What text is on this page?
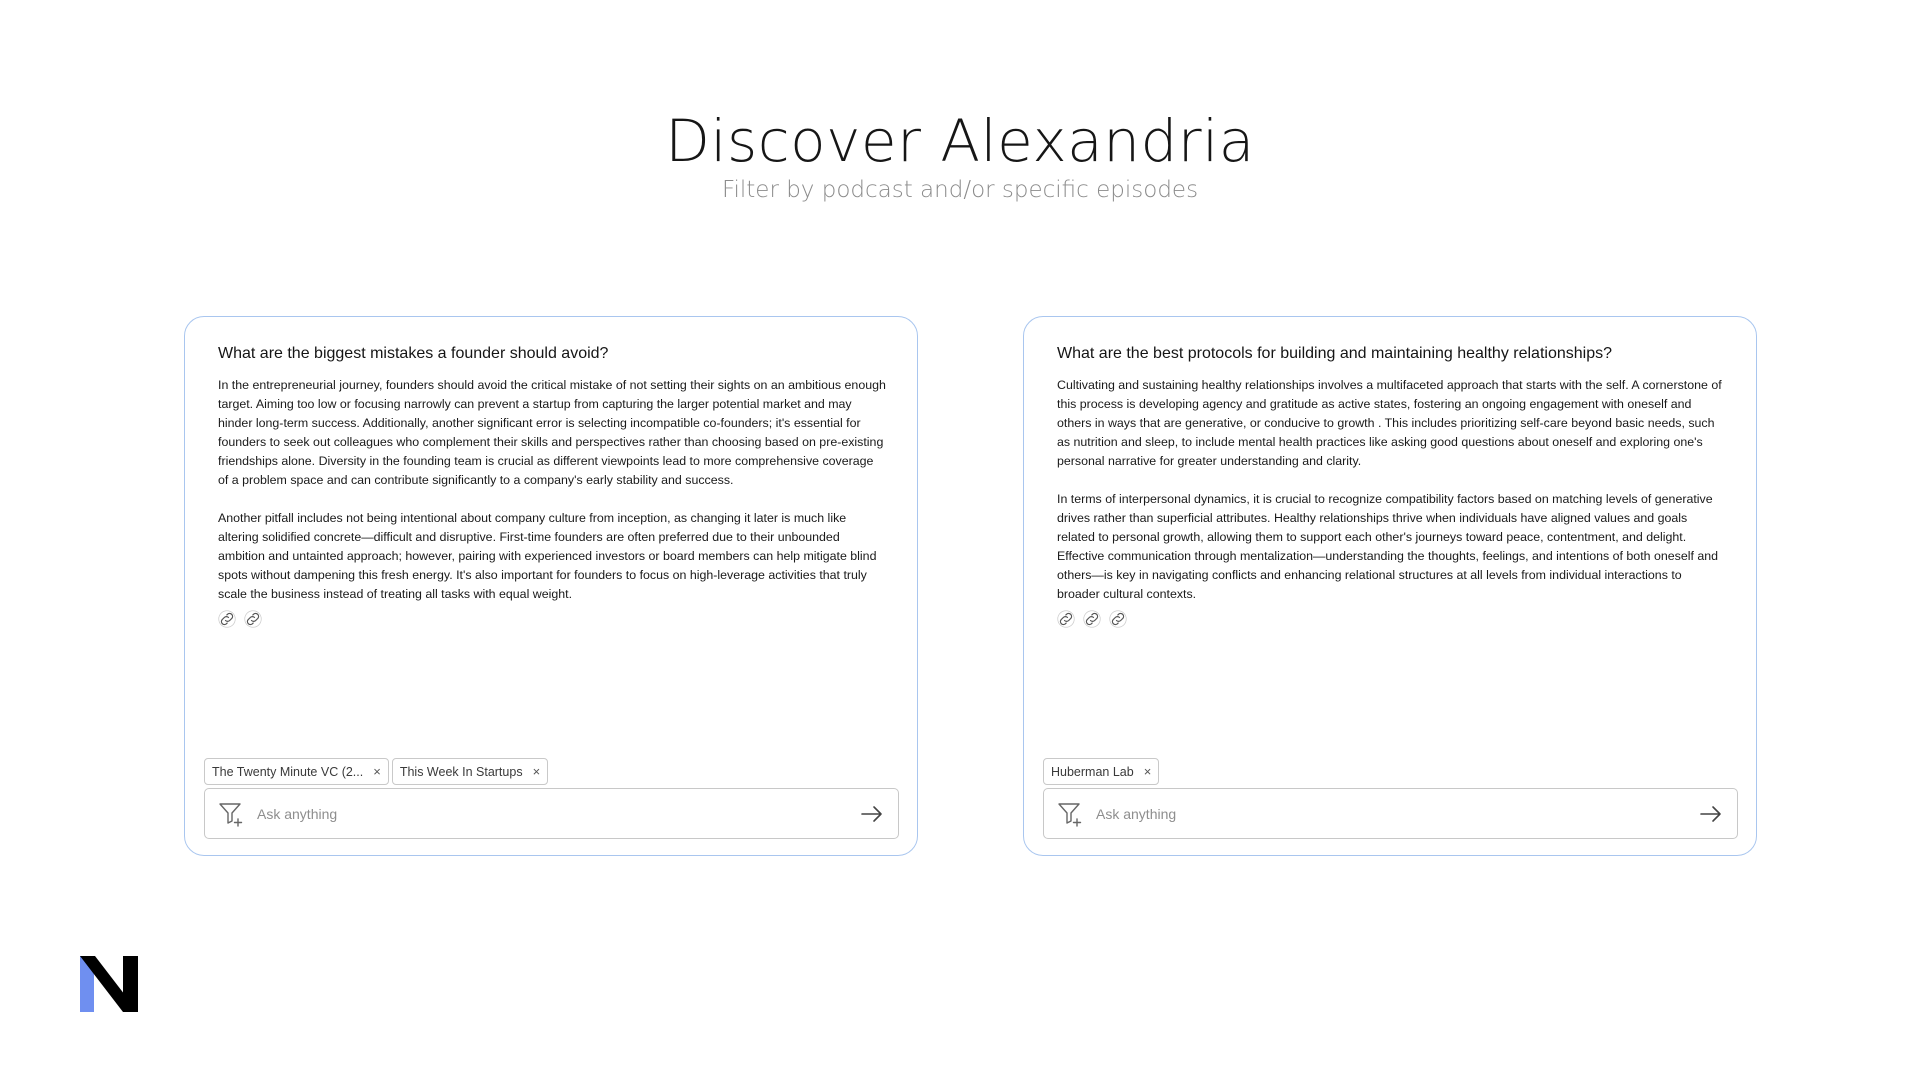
Discover Alexandria
Filter by podcast and/or specific episodes
What are the biggest mistakes a founder should avoid?

In the entrepreneurial journey, founders should avoid the critical mistake of not setting their sights on an ambitious enough target. Aiming too low or focusing narrowly can prevent a startup from capturing the larger potential market and may hinder long-term success. Additionally, another significant error is selecting incompatible co-founders; it's essential for founders to seek out colleagues who complement their skills and perspectives rather than choosing based on pre-existing friendships alone. Diversity in the founding team is crucial as different viewpoints lead to more comprehensive coverage of a problem space and can contribute significantly to a company's early stability and success.

Another pitfall includes not being intentional about company culture from inception, as changing it later is much like altering solidified concrete—difficult and disruptive. First-time founders are often preferred due to their unbounded ambition and untainted approach; however, pairing with experienced investors or board members can help mitigate blind spots without dampening this fresh energy. It's also important for founders to focus on high-leverage activities that truly scale the business instead of treating all tasks with equal weight.

The Twenty Minute VC (2... × This Week In Startups ×
Ask anything
What are the best protocols for building and maintaining healthy relationships?

Cultivating and sustaining healthy relationships involves a multifaceted approach that starts with the self. A cornerstone of this process is developing agency and gratitude as active states, fostering an ongoing engagement with oneself and others in ways that are generative, or conducive to growth . This includes prioritizing self-care beyond basic needs, such as nutrition and sleep, to include mental health practices like asking good questions about oneself and exploring one's personal narrative for greater understanding and clarity.

In terms of interpersonal dynamics, it is crucial to recognize compatibility factors based on matching levels of generative drives rather than superficial attributes. Healthy relationships thrive when individuals have aligned values and goals related to personal growth, allowing them to support each other's journeys toward peace, contentment, and delight. Effective communication through mentalization—understanding the thoughts, feelings, and intentions of both oneself and others—is key in navigating conflicts and enhancing relational structures at all levels from individual interactions to broader cultural contexts.

Huberman Lab ×
Ask anything
